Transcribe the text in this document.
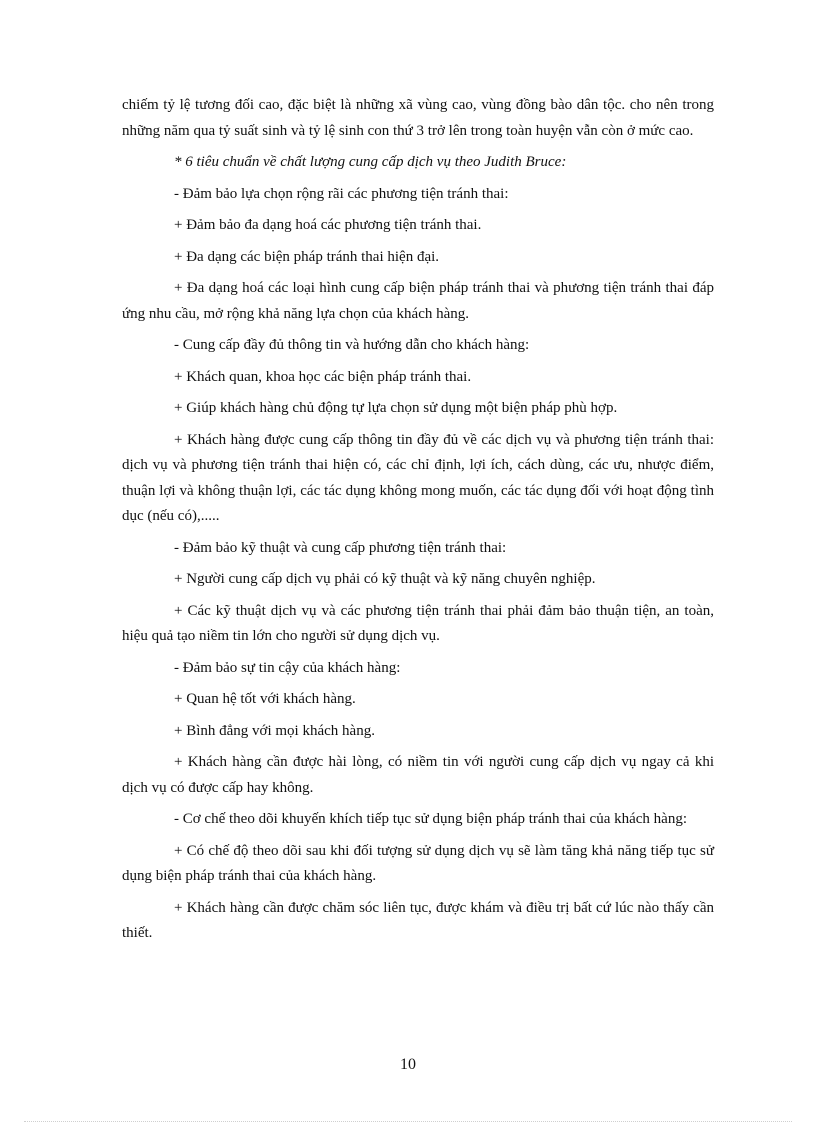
chiếm tỷ lệ tương đối cao, đặc biệt là những xã vùng cao, vùng đồng bào dân tộc. cho nên trong những năm qua tỷ suất sinh và tỷ lệ sinh con thứ 3 trở lên trong toàn huyện vẫn còn ở mức cao.

* 6 tiêu chuẩn về chất lượng cung cấp dịch vụ theo Judith Bruce:

- Đảm bảo lựa chọn rộng rãi các phương tiện tránh thai:

+ Đảm bảo đa dạng hoá các phương tiện tránh thai.

+ Đa dạng các biện pháp tránh thai hiện đại.

+ Đa dạng hoá các loại hình cung cấp biện pháp tránh thai và phương tiện tránh thai đáp ứng nhu cầu, mở rộng khả năng lựa chọn của khách hàng.

- Cung cấp đầy đủ thông tin và hướng dẫn cho khách hàng:

+ Khách quan, khoa học các biện pháp tránh thai.

+ Giúp khách hàng chủ động tự lựa chọn sử dụng một biện pháp phù hợp.

+ Khách hàng được cung cấp thông tin đầy đủ về các dịch vụ và phương tiện tránh thai: dịch vụ và phương tiện tránh thai hiện có, các chỉ định, lợi ích, cách dùng, các ưu, nhược điểm, thuận lợi và không thuận lợi, các tác dụng không mong muốn, các tác dụng đối với hoạt động tình dục (nếu có),.....

- Đảm bảo kỹ thuật và cung cấp phương tiện tránh thai:

+ Người cung cấp dịch vụ phải có kỹ thuật và kỹ năng chuyên nghiệp.

+ Các kỹ thuật dịch vụ và các phương tiện tránh thai phải đảm bảo thuận tiện, an toàn, hiệu quả tạo niềm tin lớn cho người sử dụng dịch vụ.

- Đảm bảo sự tin cậy của khách hàng:

+ Quan hệ tốt với khách hàng.

+ Bình đẳng với mọi khách hàng.

+ Khách hàng cần được hài lòng, có niềm tin với người cung cấp dịch vụ ngay cả khi dịch vụ có được cấp hay không.

- Cơ chế theo dõi khuyến khích tiếp tục sử dụng biện pháp tránh thai của khách hàng:

+ Có chế độ theo dõi sau khi đối tượng sử dụng dịch vụ sẽ làm tăng khả năng tiếp tục sử dụng biện pháp tránh thai của khách hàng.

+ Khách hàng cần được chăm sóc liên tục, được khám và điều trị bất cứ lúc nào thấy cần thiết.

10
